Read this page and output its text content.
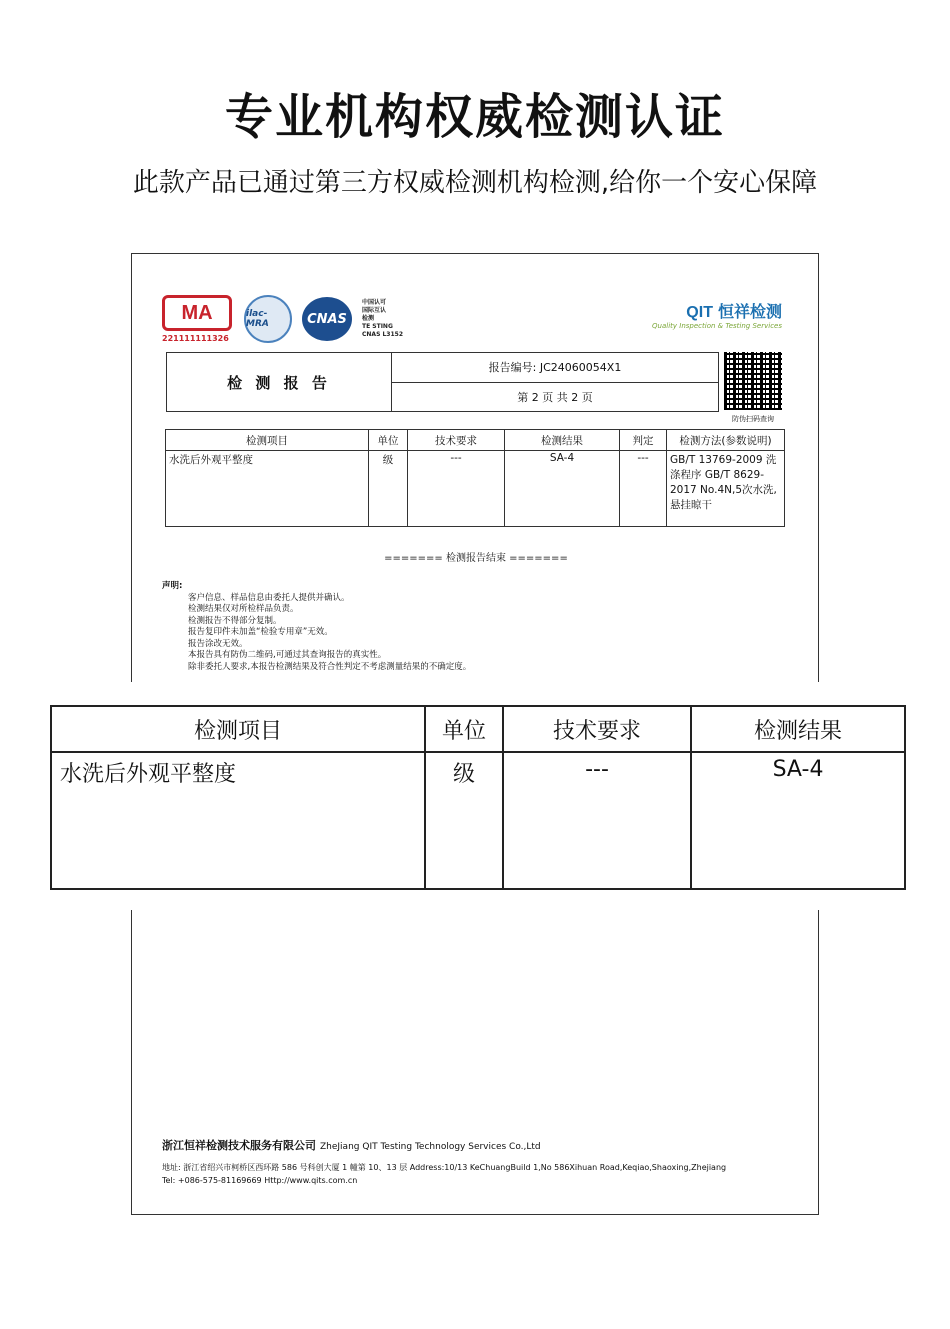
专业机构权威检测认证
此款产品已通过第三方权威检测机构检测,给你一个安心保障
MA
221111111326
ilac-MRA	CNAS
中国认可
国际互认
检测
TE STING
CNAS L3152
QIT 恒祥检测
Quality Inspection & Testing Services
检 测 报 告
报告编号: JC24060054X1
第 2 页 共 2 页
防伪扫码查询
检测项目	单位	技术要求	检测结果	判定	检测方法(参数说明)
水洗后外观平整度	级	---	SA-4	---	GB/T 13769-2009 洗涤程序 GB/T 8629-2017 No.4N,5次水洗,悬挂晾干
======= 检测报告结束 =======
声明:
客户信息、样品信息由委托人提供并确认。
检测结果仅对所检样品负责。
检测报告不得部分复制。
报告复印件未加盖“检验专用章”无效。
报告涂改无效。
本报告具有防伪二维码,可通过其查询报告的真实性。
除非委托人要求,本报告检测结果及符合性判定不考虑测量结果的不确定度。
浙江恒祥检测技术服务有限公司 ZheJiang QIT Testing Technology Services Co.,Ltd
地址: 浙江省绍兴市柯桥区西环路 586 号科创大厦 1 幢第 10、13 层 Address:10/13 KeChuangBuild 1,No 586Xihuan Road,Keqiao,Shaoxing,Zhejiang
Tel: +086-575-81169669 Http://www.qits.com.cn
检测项目	单位	技术要求	检测结果
水洗后外观平整度	级	---	SA-4
